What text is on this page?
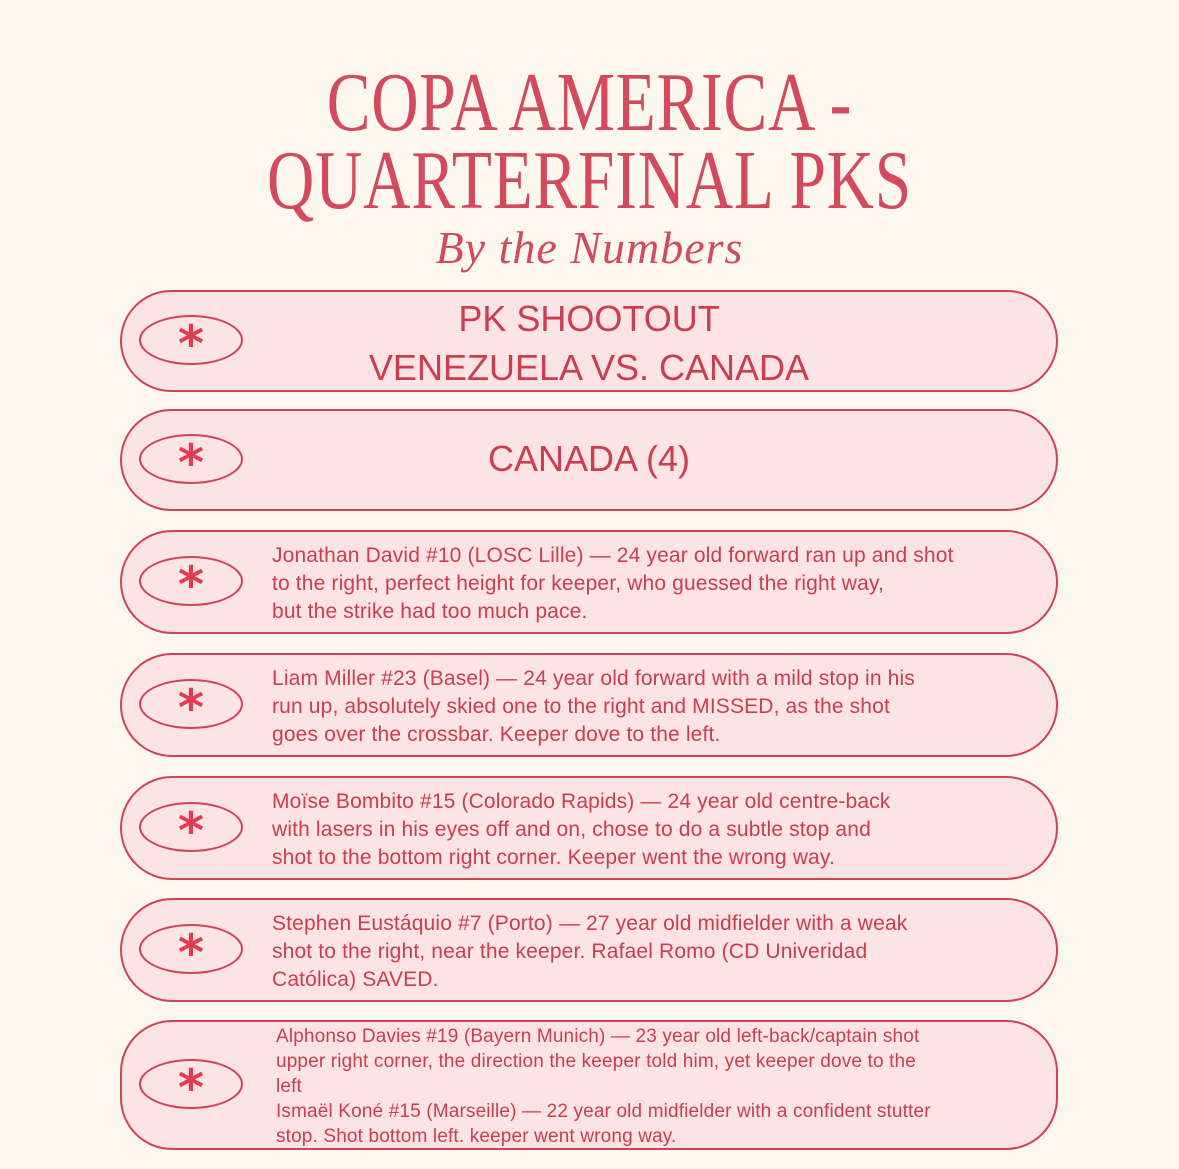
COPA AMERICA -
QUARTERFINAL PKS
By the Numbers
*	PK SHOOTOUT
VENEZUELA VS. CANADA
*	CANADA (4)
*
Jonathan David #10 (LOSC Lille) — 24 year old forward ran up and shot
to the right, perfect height for keeper, who guessed the right way,
but the strike had too much pace.
*
Liam Miller #23 (Basel) — 24 year old forward with a mild stop in his
run up, absolutely skied one to the right and MISSED, as the shot
goes over the crossbar. Keeper dove to the left.
*
Moïse Bombito #15 (Colorado Rapids) — 24 year old centre-back
with lasers in his eyes off and on, chose to do a subtle stop and
shot to the bottom right corner. Keeper went the wrong way.
*
Stephen Eustáquio #7 (Porto) — 27 year old midfielder with a weak
shot to the right, near the keeper. Rafael Romo (CD Univeridad
Católica) SAVED.
*
Alphonso Davies #19 (Bayern Munich) — 23 year old left-back/captain shot
upper right corner, the direction the keeper told him, yet keeper dove to the
left
Ismaël Koné #15 (Marseille) — 22 year old midfielder with a confident stutter
stop. Shot bottom left. keeper went wrong way.
